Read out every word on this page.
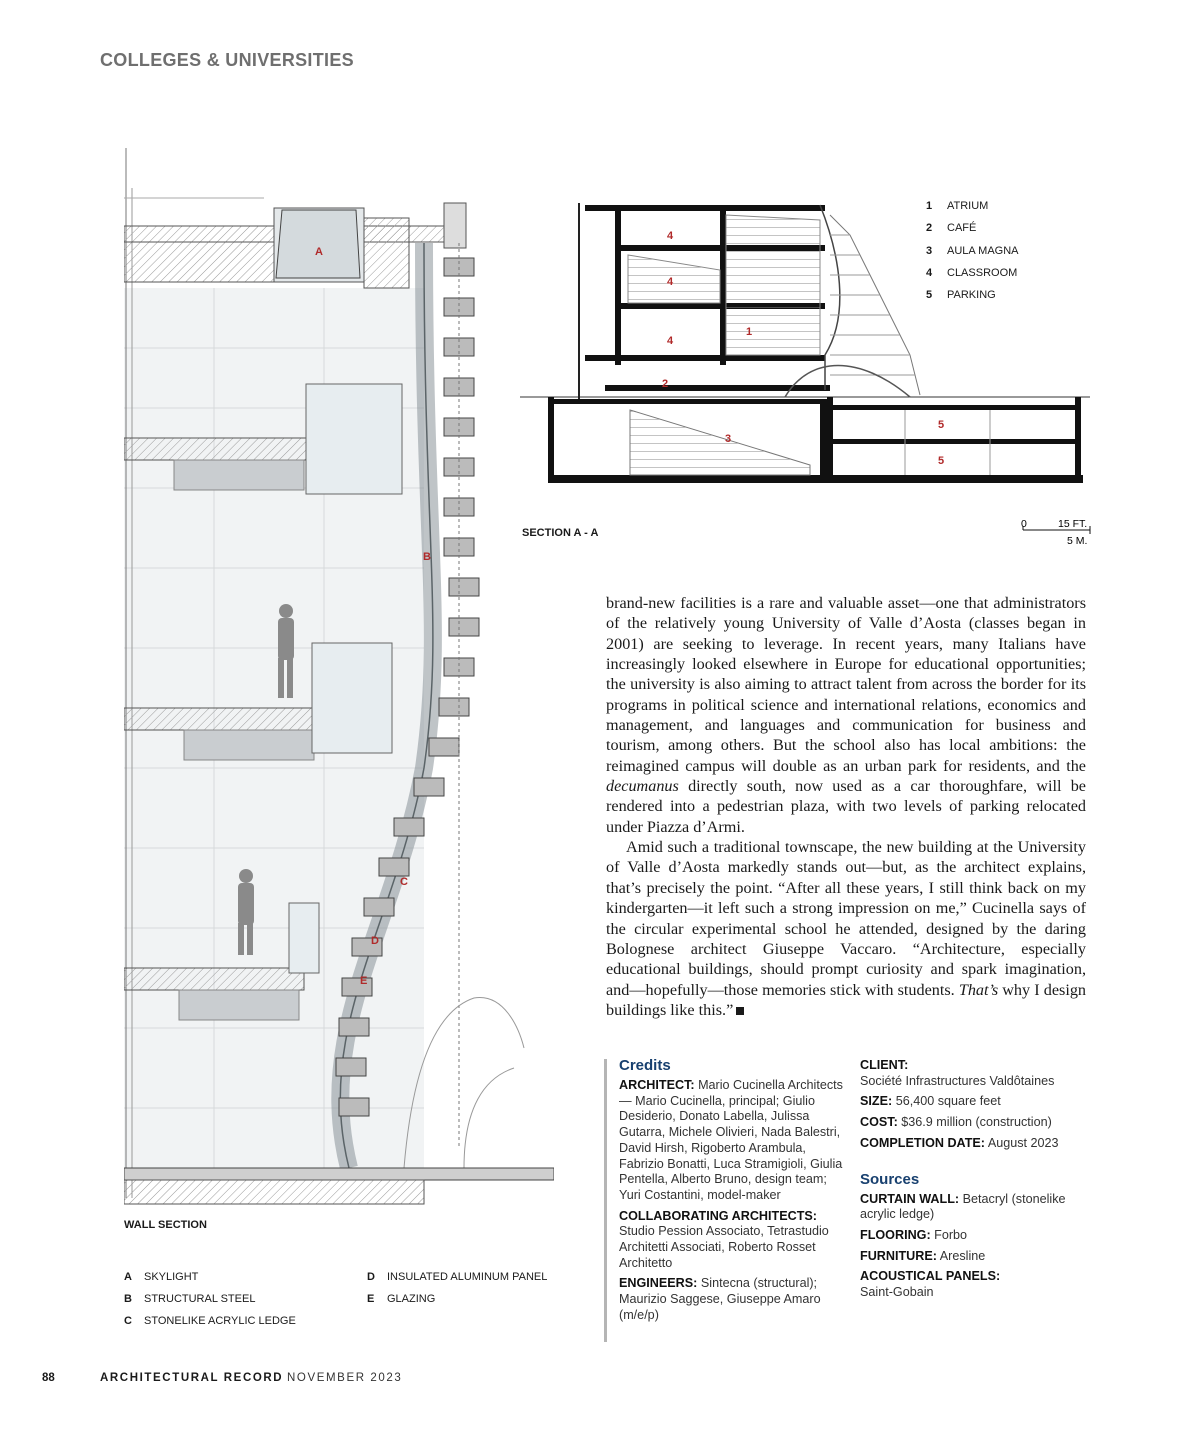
COLLEGES & UNIVERSITIES
A
B
C
D
E
WALL SECTION
A SKYLIGHT
B STRUCTURAL STEEL
C STONELIKE ACRYLIC LEDGE
D INSULATED ALUMINUM PANEL
E GLAZING
4
4
4
1
2
3
5
5
1 ATRIUM
2 CAFÉ
3 AULA MAGNA
4 CLASSROOM
5 PARKING
SECTION A - A
0	15 FT.
5 M.

brand-new facilities is a rare and valuable asset—one that administrators of the relatively young University of Valle d’Aosta (classes began in 2001) are seeking to leverage. In recent years, many Italians have increasingly looked elsewhere in Europe for educational opportunities; the university is also aiming to attract talent from across the border for its programs in political science and international relations, economics and management, and languages and communication for business and tourism, among others. But the school also has local ambitions: the reimagined campus will double as an urban park for residents, and the decumanus directly south, now used as a car thoroughfare, will be rendered into a pedestrian plaza, with two levels of parking relocated under Piazza d’Armi.

Amid such a traditional townscape, the new building at the University of Valle d’Aosta markedly stands out—but, as the architect explains, that’s precisely the point. “After all these years, I still think back on my kindergarten—it left such a strong impression on me,” Cucinella says of the circular experimental school he attended, designed by the daring Bolognese architect Giuseppe Vaccaro. “Architecture, especially educational buildings, should prompt curiosity and spark imagination, and—hopefully—those memories stick with students. That’s why I design buildings like this.”

Credits
ARCHITECT: Mario Cucinella Architects — Mario Cucinella, principal; Giulio Desiderio, Donato Labella, Julissa Gutarra, Michele Olivieri, Nada Balestri, David Hirsh, Rigoberto Arambula, Fabrizio Bonatti, Luca Stramigioli, Giulia Pentella, Alberto Bruno, design team; Yuri Costantini, model-maker
COLLABORATING ARCHITECTS: Studio Pession Associato, Tetrastudio Architetti Associati, Roberto Rosset Architetto
ENGINEERS: Sintecna (structural); Maurizio Saggese, Giuseppe Amaro (m/e/p)
CLIENT:
Société Infrastructures Valdôtaines
SIZE: 56,400 square feet
COST: $36.9 million (construction)
COMPLETION DATE: August 2023
Sources
CURTAIN WALL: Betacryl (stonelike acrylic ledge)
FLOORING: Forbo
FURNITURE: Aresline
ACOUSTICAL PANELS:
Saint-Gobain
88	ARCHITECTURAL RECORD NOVEMBER 2023
